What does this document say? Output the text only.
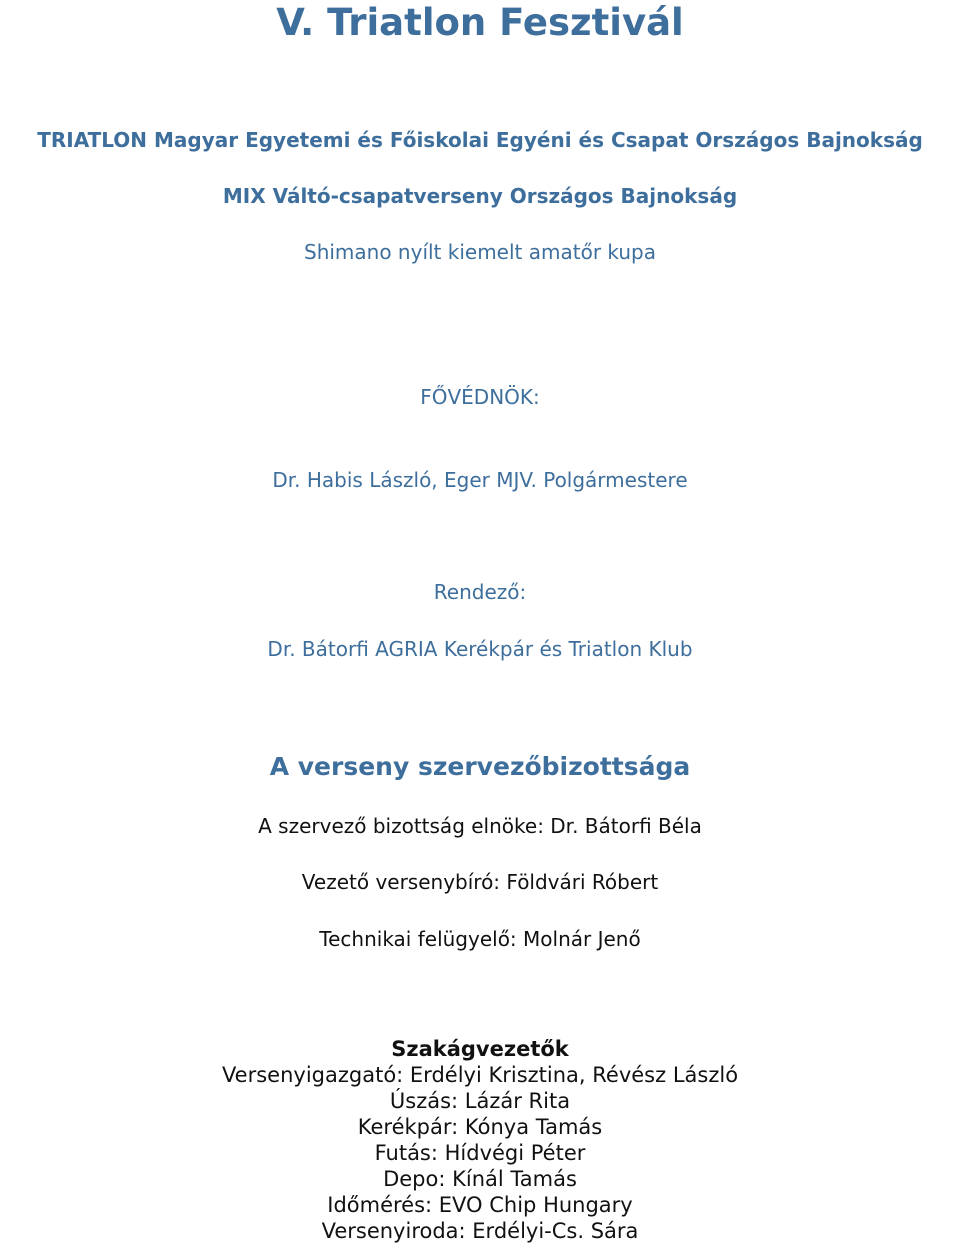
V. Triatlon Fesztivál

TRIATLON Magyar Egyetemi és Főiskolai Egyéni és Csapat Országos Bajnokság

MIX Váltó-csapatverseny Országos Bajnokság

Shimano nyílt kiemelt amatőr kupa

FŐVÉDNÖK:

Dr. Habis László, Eger MJV. Polgármestere

Rendező:

Dr. Bátorfi AGRIA Kerékpár és Triatlon Klub

A verseny szervezőbizottsága

A szervező bizottság elnöke: Dr. Bátorfi Béla

Vezető versenybíró: Földvári Róbert

Technikai felügyelő: Molnár Jenő

Szakágvezetők
Versenyigazgató: Erdélyi Krisztina, Révész László
Úszás: Lázár Rita
Kerékpár: Kónya Tamás
Futás: Hídvégi Péter
Depo: Kínál Tamás
Időmérés: EVO Chip Hungary
Versenyiroda: Erdélyi-Cs. Sára
